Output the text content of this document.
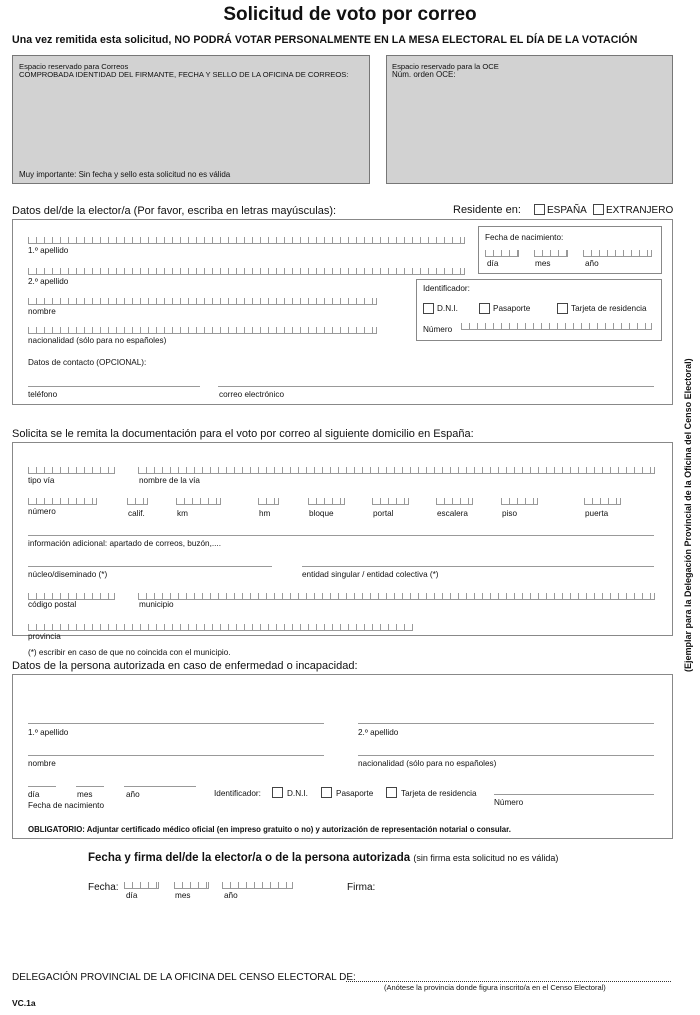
Solicitud de voto por correo
Una vez remitida esta solicitud, NO PODRÁ VOTAR PERSONALMENTE EN LA MESA ELECTORAL EL DÍA DE LA VOTACIÓN
Espacio reservado para Correos
COMPROBADA IDENTIDAD DEL FIRMANTE, FECHA Y SELLO DE LA OFICINA DE CORREOS:
Muy importante: Sin fecha y sello esta solicitud no es válida
Espacio reservado para la OCE
Núm. orden OCE:
Datos del/de la elector/a (Por favor, escriba en letras mayúsculas):	Residente en:	ESPAÑA EXTRANJERO
1.º apellido
2.º apellido
nombre
nacionalidad (sólo para no españoles)
Datos de contacto (OPCIONAL):
teléfono	correo electrónico
Fecha de nacimiento:
día	mes	año
Identificador:
D.N.I.	Pasaporte	Tarjeta de residencia
Número
Solicita se le remita la documentación para el voto por correo al siguiente domicilio en España:
tipo vía	nombre de la vía
número	calif.	km	hm	bloque	portal	escalera	piso	puerta
información adicional: apartado de correos, buzón,....
núcleo/diseminado (*)	entidad singular / entidad colectiva (*)
código postal	municipio
provincia
(*) escribir en caso de que no coincida con el municipio.
Datos de la persona autorizada en caso de enfermedad o incapacidad:
1.º apellido	2.º apellido
nombre	nacionalidad (sólo para no españoles)
día	mes	año
Fecha de nacimiento
Identificador:	D.N.I.	Pasaporte	Tarjeta de residencia
Número
OBLIGATORIO: Adjuntar certificado médico oficial (en impreso gratuito o no) y autorización de representación notarial o consular.
Fecha y firma del/de la elector/a o de la persona autorizada (sin firma esta solicitud no es válida)
Fecha:
día	mes	año
Firma:
DELEGACIÓN PROVINCIAL DE LA OFICINA DEL CENSO ELECTORAL DE:
(Anótese la provincia donde figura inscrito/a en el Censo Electoral)
VC.1a
(Ejemplar para la Delegación Provincial de la Oficina del Censo Electoral)
